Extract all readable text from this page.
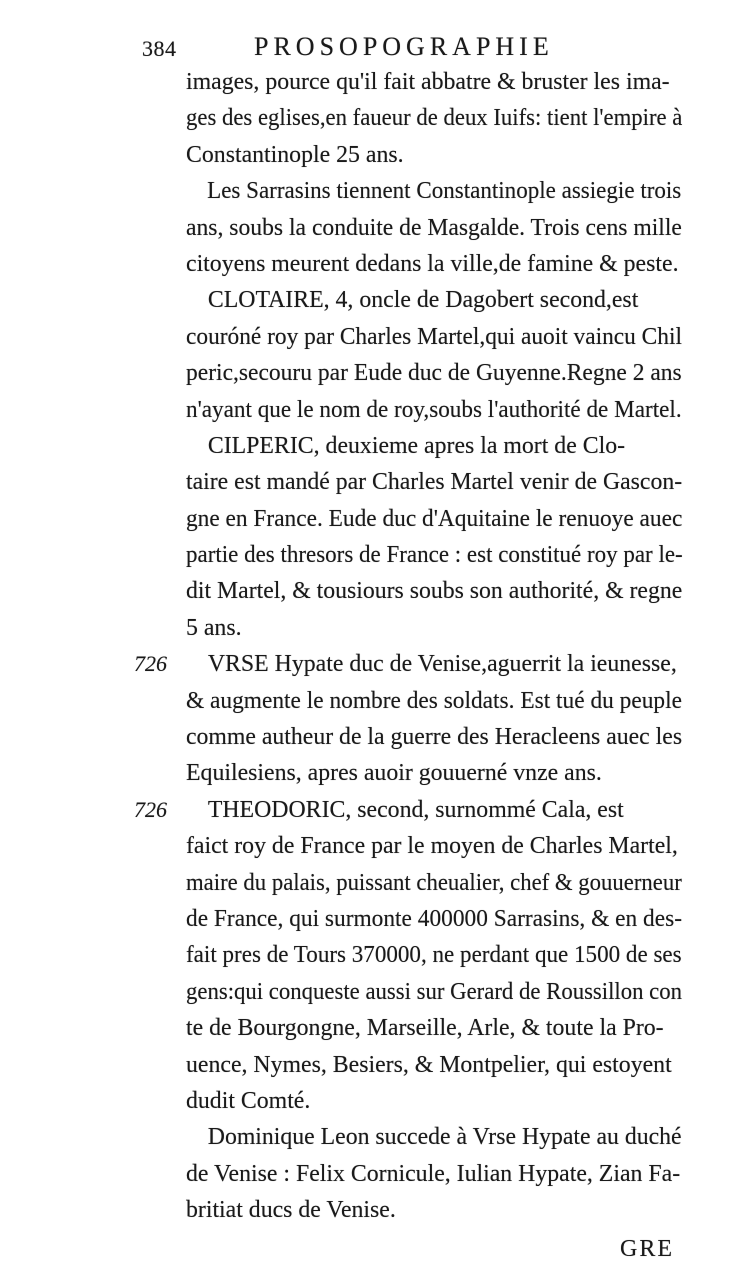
384	PROSOPOGRAPHIE
images, pource qu'il fait abbatre & bruster les ima-
ges des eglises,en faueur de deux Iuifs: tient l'empire à
Constantinople 25 ans.
Les Sarrasins tiennent Constantinople assiegie trois
ans, soubs la conduite de Masgalde. Trois cens mille
citoyens meurent dedans la ville,de famine & peste.
CLOTAIRE, 4, oncle de Dagobert second,est
couróné roy par Charles Martel,qui auoit vaincu Chil
peric,secouru par Eude duc de Guyenne.Regne 2 ans
n'ayant que le nom de roy,soubs l'authorité de Martel.
CILPERIC, deuxieme apres la mort de Clo-
taire est mandé par Charles Martel venir de Gascon-
gne en France. Eude duc d'Aquitaine le renuoye auec
partie des thresors de France : est constitué roy par le-
dit Martel, & tousiours soubs son authorité, & regne
5 ans.
726	VRSE Hypate duc de Venise,aguerrit la ieunesse,
& augmente le nombre des soldats. Est tué du peuple
comme autheur de la guerre des Heracleens auec les
Equilesiens, apres auoir gouuerné vnze ans.
726	THEODORIC, second, surnommé Cala, est
faict roy de France par le moyen de Charles Martel,
maire du palais, puissant cheualier, chef & gouuerneur
de France, qui surmonte 400000 Sarrasins, & en des-
fait pres de Tours 370000, ne perdant que 1500 de ses
gens:qui conqueste aussi sur Gerard de Roussillon con
te de Bourgongne, Marseille, Arle, & toute la Pro-
uence, Nymes, Besiers, & Montpelier, qui estoyent
dudit Comté.
Dominique Leon succede à Vrse Hypate au duché
de Venise : Felix Cornicule, Iulian Hypate, Zian Fa-
britiat ducs de Venise.
GRE
